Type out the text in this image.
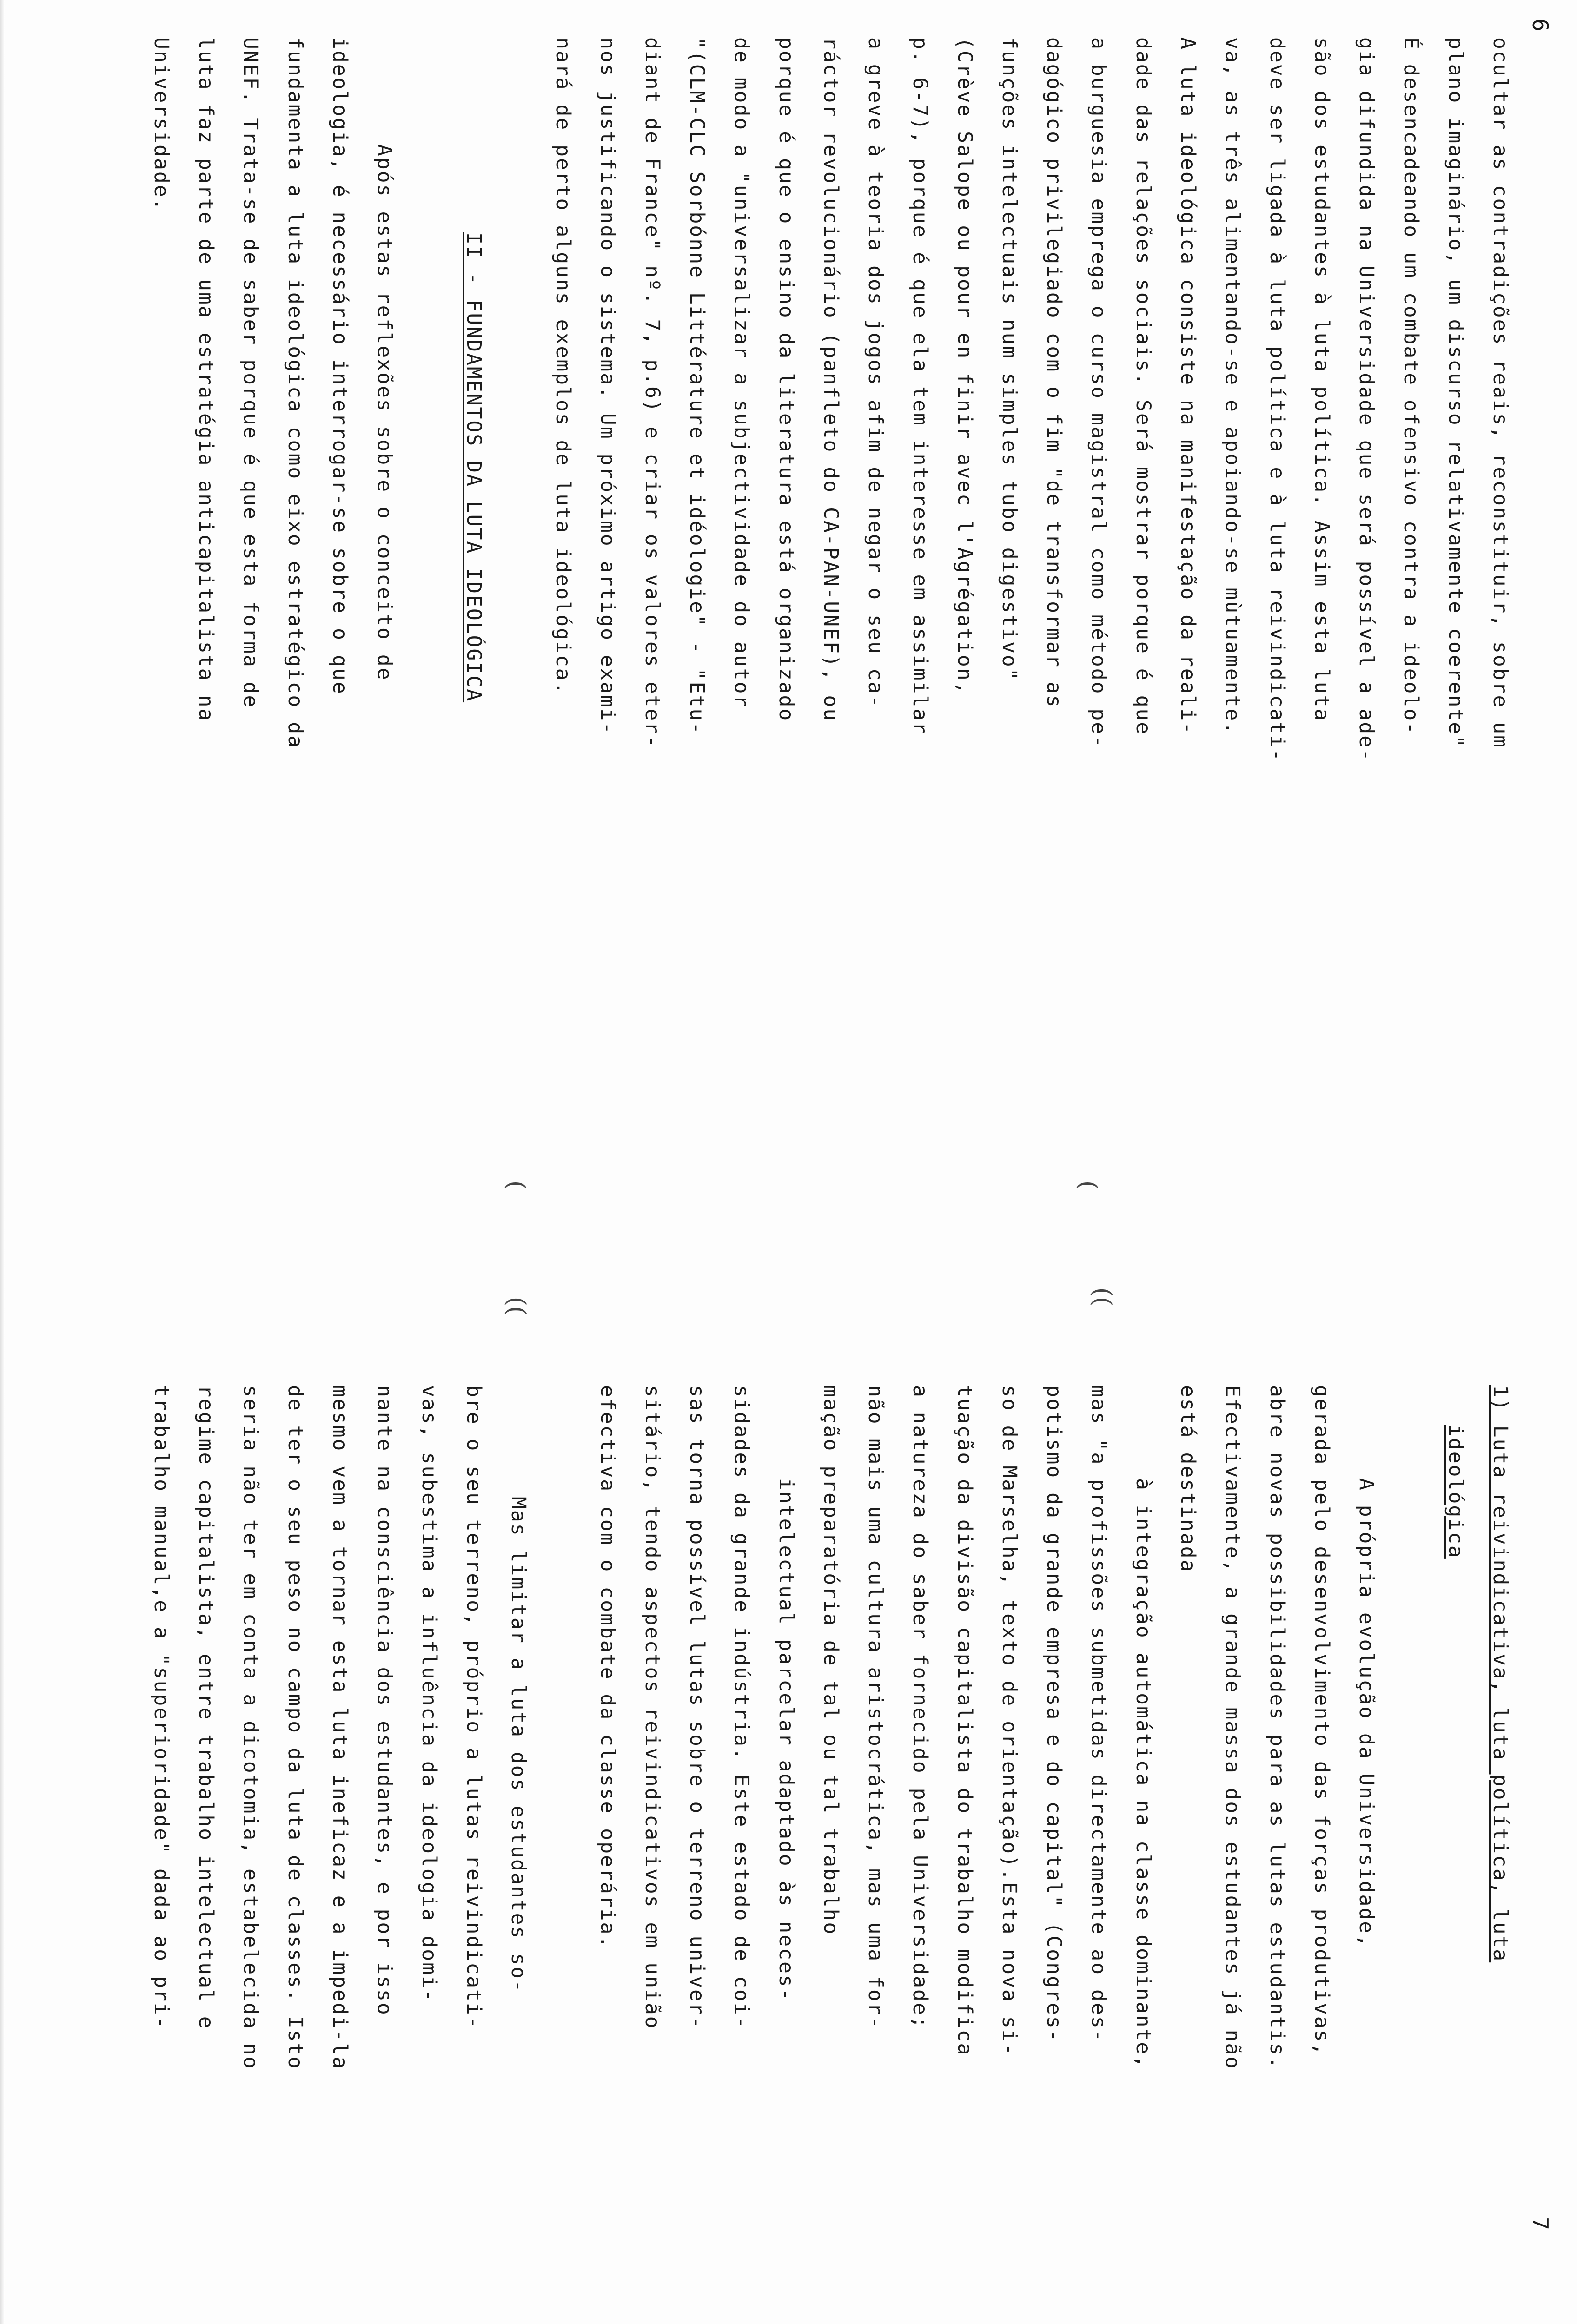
6
7
ocultar as contradições reais, reconstituir, sobre um
plano imaginário, um discurso relativamente coerente"
É desencadeando um combate ofensivo contra a ideolo-
gia difundida na Universidade que será possível a ade-
são dos estudantes à luta política. Assim esta luta
deve ser ligada à luta política e à luta reivindicati-
va, as três alimentando-se e apoiando-se mùtuamente.
A luta ideológica consiste na manifestação da reali-
dade das relações sociais. Será mostrar porque é que
a burguesia emprega o curso magistral como método pe-
dagógico privilegiado com o fim "de transformar as
funções intelectuais num simples tubo digestivo"
(Crève Salope ou pour en finir avec l'Agrégation,
p. 6-7), porque é que ela tem interesse em assimilar
a greve à teoria dos jogos afim de negar o seu ca-
ráctor revolucionário (panfleto do CA-PAN-UNEF), ou
porque é que o ensino da literatura está organizado
de modo a "universalizar a subjectividade do autor
"(CLM-CLC Sorbónne Littérature et idéologie" - "Etu-
diant de France" nº. 7, p.6) e criar os valores eter-
nos justificando o sistema. Um próximo artigo exami-
nará de perto alguns exemplos de luta ideológica.
II - FUNDAMENTOS DA LUTA IDEOLÓGICA
Após estas reflexões sobre o conceito de
ideologia, é necessário interrogar-se sobre o que
fundamenta a luta ideológica como eixo estratégico da
UNEF. Trata-se de saber porque é que esta forma de
luta faz parte de uma estratégia anticapitalista na
Universidade.
1) Luta reivindicativa, luta política, luta
ideológica
A própria evolução da Universidade,
gerada pelo desenvolvimento das forças produtivas,
abre novas possibilidades para as lutas estudantis.
Efectivamente, a grande massa dos estudantes já não
está destinada
à integração automática na classe dominante,
mas "a profissões submetidas directamente ao des-
potismo da grande empresa e do capital" (Congres-
so de Marselha, texto de orientação).Esta nova si-
tuação da divisão capitalista do trabalho modifica
a natureza do saber fornecido pela Universidade;
não mais uma cultura aristocrática, mas uma for-
mação preparatória de tal ou tal trabalho
intelectual parcelar adaptado às neces-
sidades da grande indústria. Este estado de coi-
sas torna possível lutas sobre o terreno univer-
sitário, tendo aspectos reivindicativos em união
efectiva com o combate da classe operária.
Mas limitar a luta dos estudantes so-
bre o seu terreno, próprio a lutas reivindicati-
vas, subestima a influência da ideologia domi-
nante na consciência dos estudantes, e por isso
mesmo vem a tornar esta luta ineficaz e a impedi-la
de ter o seu peso no campo da luta de classes. Isto
seria não ter em conta a dicotomia, estabelecida no
regime capitalista, entre trabalho intelectual e
trabalho manual,e a "superioridade" dada ao pri-
(
((
(
((
